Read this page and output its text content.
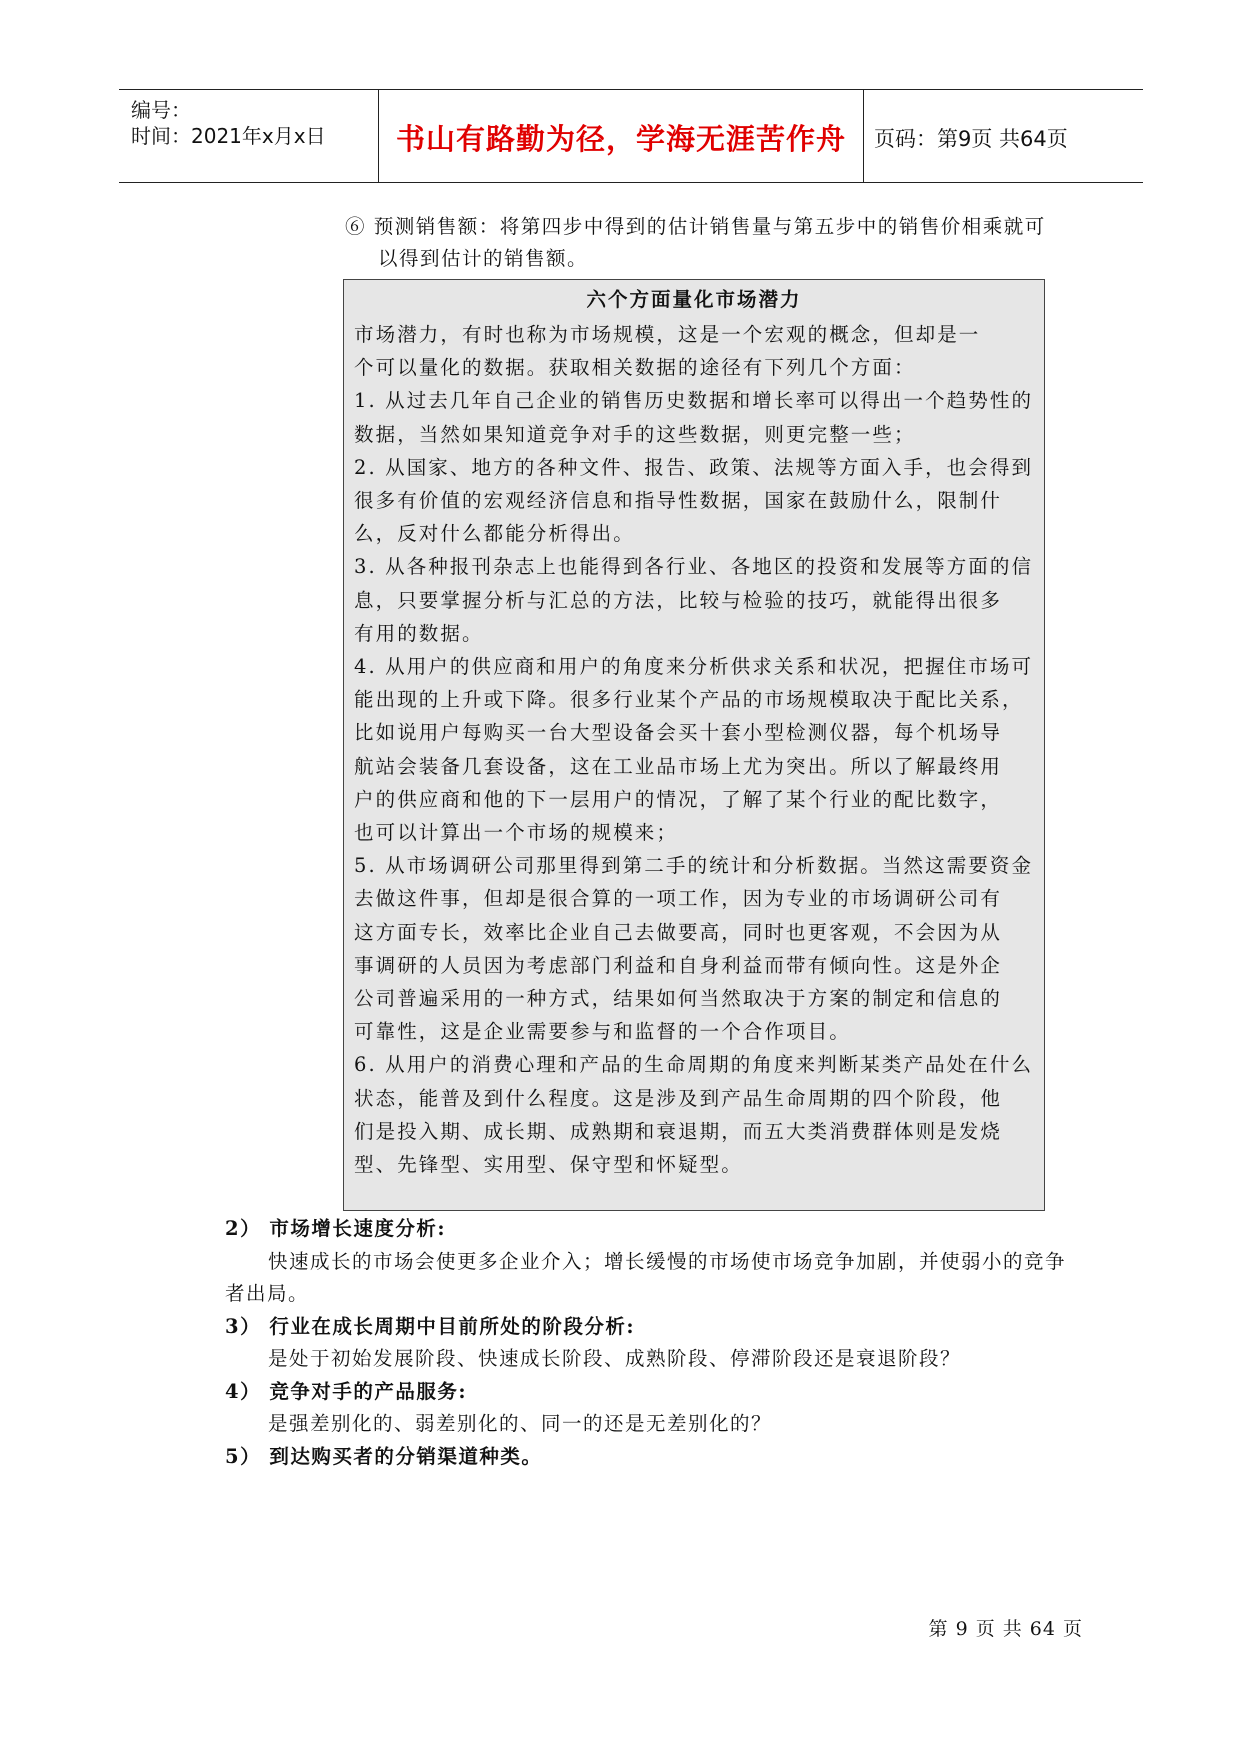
编号：
时间：2021年x月x日	书山有路勤为径，学海无涯苦作舟	页码：第9页 共64页
⑥ 预测销售额：将第四步中得到的估计销售量与第五步中的销售价相乘就可
以得到估计的销售额。
六个方面量化市场潜力
市场潜力，有时也称为市场规模，这是一个宏观的概念，但却是一
个可以量化的数据。获取相关数据的途径有下列几个方面：
1. 从过去几年自己企业的销售历史数据和增长率可以得出一个趋势性的
数据，当然如果知道竞争对手的这些数据，则更完整一些；
2. 从国家、地方的各种文件、报告、政策、法规等方面入手，也会得到
很多有价值的宏观经济信息和指导性数据，国家在鼓励什么，限制什
么，反对什么都能分析得出。
3. 从各种报刊杂志上也能得到各行业、各地区的投资和发展等方面的信
息，只要掌握分析与汇总的方法，比较与检验的技巧，就能得出很多
有用的数据。
4. 从用户的供应商和用户的角度来分析供求关系和状况，把握住市场可
能出现的上升或下降。很多行业某个产品的市场规模取决于配比关系，
比如说用户每购买一台大型设备会买十套小型检测仪器，每个机场导
航站会装备几套设备，这在工业品市场上尤为突出。所以了解最终用
户的供应商和他的下一层用户的情况，了解了某个行业的配比数字，
也可以计算出一个市场的规模来；
5. 从市场调研公司那里得到第二手的统计和分析数据。当然这需要资金
去做这件事，但却是很合算的一项工作，因为专业的市场调研公司有
这方面专长，效率比企业自己去做要高，同时也更客观，不会因为从
事调研的人员因为考虑部门利益和自身利益而带有倾向性。这是外企
公司普遍采用的一种方式，结果如何当然取决于方案的制定和信息的
可靠性，这是企业需要参与和监督的一个合作项目。
6. 从用户的消费心理和产品的生命周期的角度来判断某类产品处在什么
状态，能普及到什么程度。这是涉及到产品生命周期的四个阶段，他
们是投入期、成长期、成熟期和衰退期，而五大类消费群体则是发烧
型、先锋型、实用型、保守型和怀疑型。
2） 市场增长速度分析:
快速成长的市场会使更多企业介入；增长缓慢的市场使市场竞争加剧，并使弱小的竞争
者出局。
3） 行业在成长周期中目前所处的阶段分析:
是处于初始发展阶段、快速成长阶段、成熟阶段、停滞阶段还是衰退阶段？
4） 竞争对手的产品服务:
是强差别化的、弱差别化的、同一的还是无差别化的？
5） 到达购买者的分销渠道种类。
第 9 页 共 64 页
